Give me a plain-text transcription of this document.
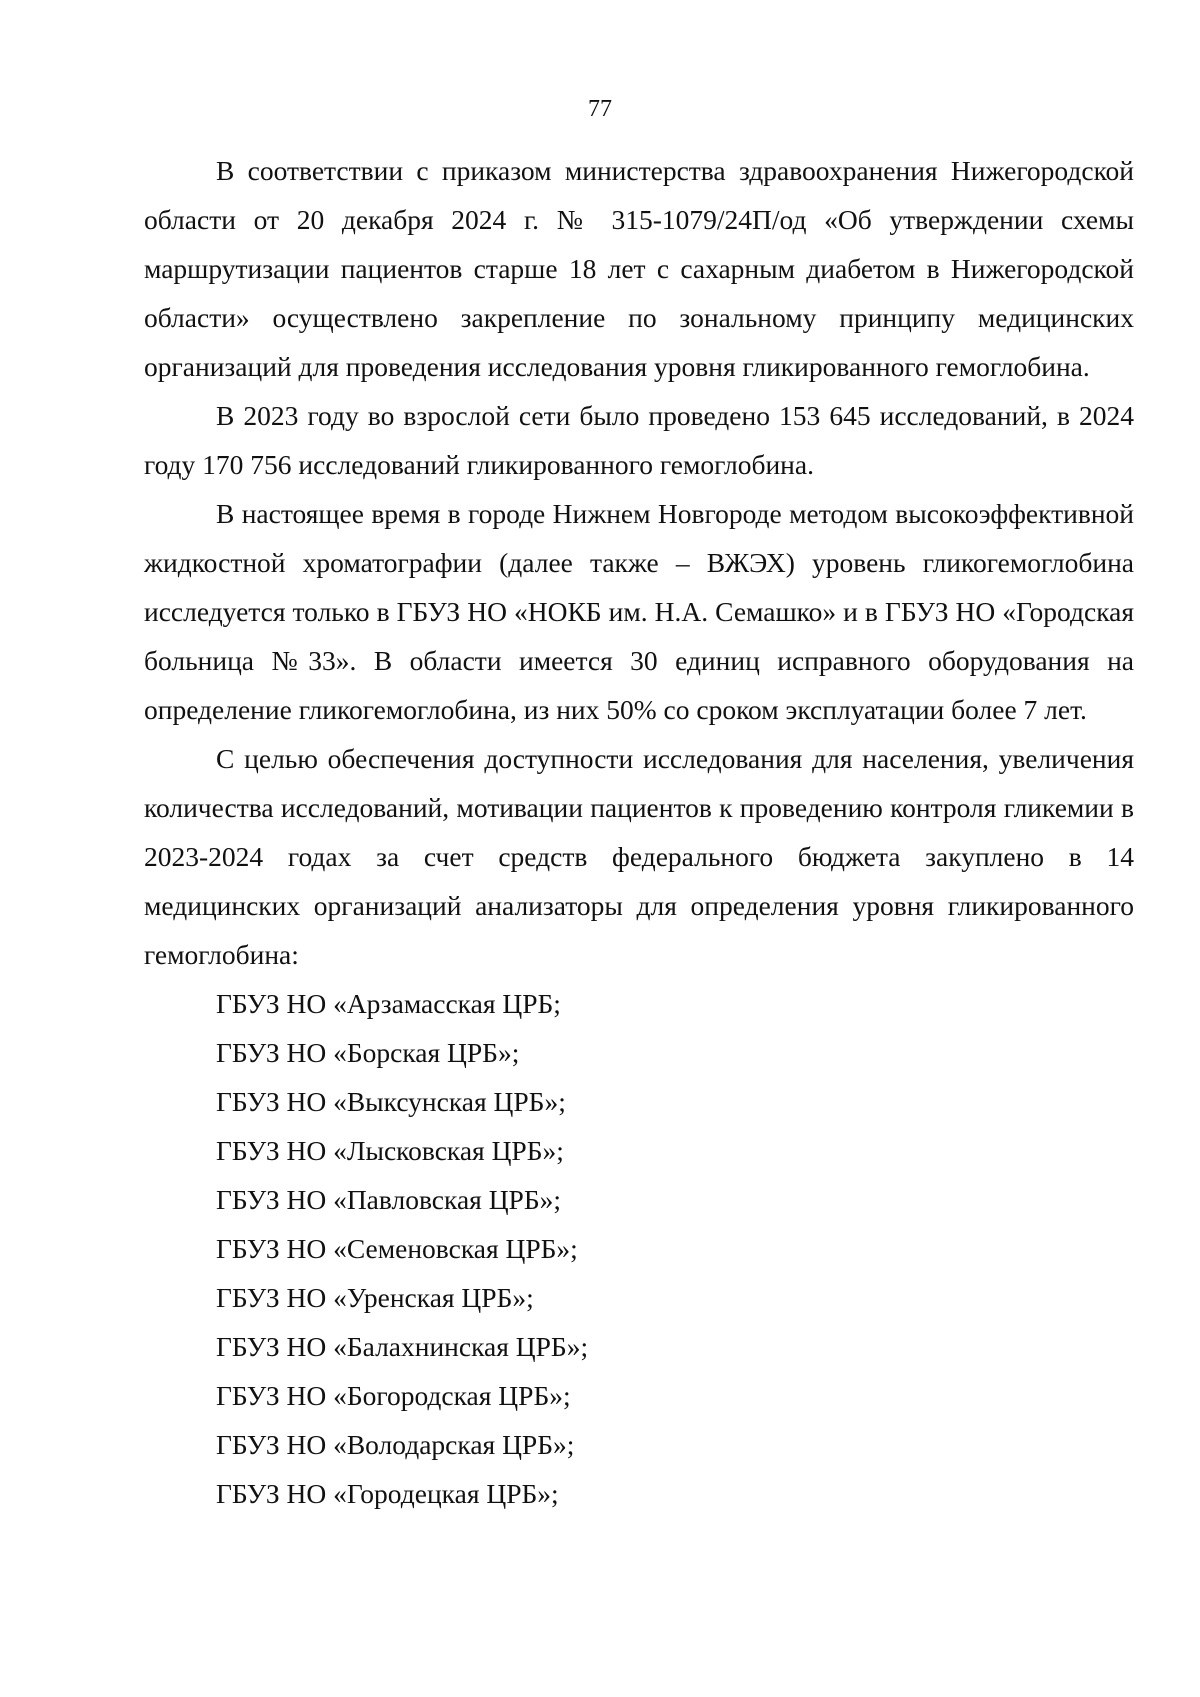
77

В соответствии с приказом министерства здравоохранения Нижегородской области от 20 декабря 2024 г. № 315-1079/24П/од «Об утверждении схемы маршрутизации пациентов старше 18 лет с сахарным диабетом в Нижегородской области» осуществлено закрепление по зональному принципу медицинских организаций для проведения исследования уровня гликированного гемоглобина.

В 2023 году во взрослой сети было проведено 153 645 исследований, в 2024 году 170 756 исследований гликированного гемоглобина.

В настоящее время в городе Нижнем Новгороде методом высокоэффективной жидкостной хроматографии (далее также – ВЖЭХ) уровень гликогемоглобина исследуется только в ГБУЗ НО «НОКБ им. Н.А. Семашко» и в ГБУЗ НО «Городская больница №33». В области имеется 30 единиц исправного оборудования на определение гликогемоглобина, из них 50% со сроком эксплуатации более 7 лет.

С целью обеспечения доступности исследования для населения, увеличения количества исследований, мотивации пациентов к проведению контроля гликемии в 2023-2024 годах за счет средств федерального бюджета закуплено в 14 медицинских организаций анализаторы для определения уровня гликированного гемоглобина:

ГБУЗ НО «Арзамасская ЦРБ;
ГБУЗ НО «Борская ЦРБ»;
ГБУЗ НО «Выксунская ЦРБ»;
ГБУЗ НО «Лысковская ЦРБ»;
ГБУЗ НО «Павловская ЦРБ»;
ГБУЗ НО «Семеновская ЦРБ»;
ГБУЗ НО «Уренская ЦРБ»;
ГБУЗ НО «Балахнинская ЦРБ»;
ГБУЗ НО «Богородская ЦРБ»;
ГБУЗ НО «Володарская ЦРБ»;
ГБУЗ НО «Городецкая ЦРБ»;
